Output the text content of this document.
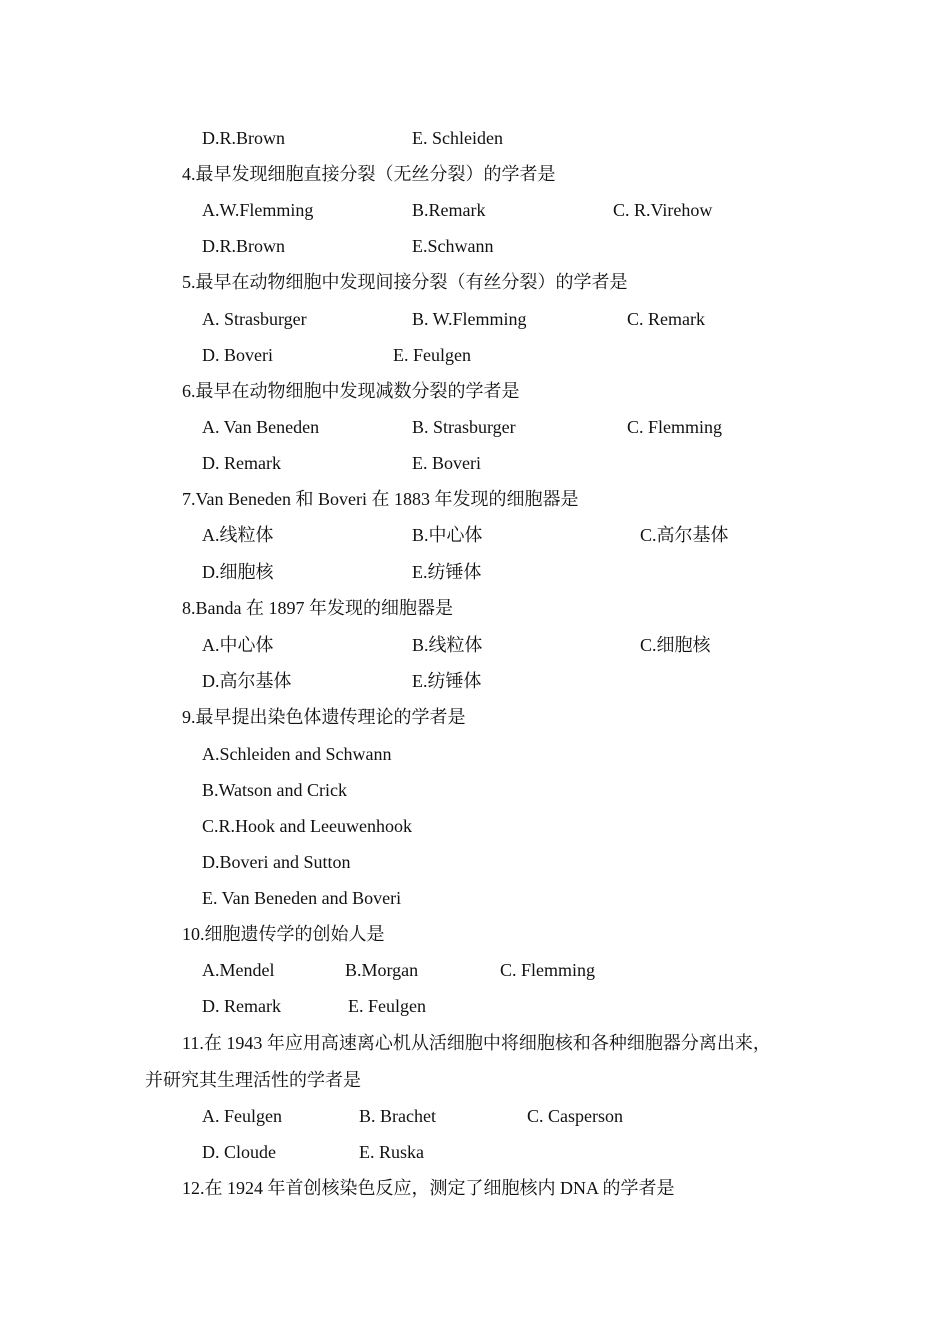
D.R.Brown	E. Schleiden
4.最早发现细胞直接分裂（无丝分裂）的学者是
A.W.Flemming	B.Remark	C. R.Virehow
D.R.Brown	E.Schwann
5.最早在动物细胞中发现间接分裂（有丝分裂）的学者是
A. Strasburger	B. W.Flemming	C. Remark
D. Boveri	E. Feulgen
6.最早在动物细胞中发现减数分裂的学者是
A. Van Beneden	B. Strasburger	C. Flemming
D. Remark	E. Boveri
7.Van Beneden 和 Boveri 在 1883 年发现的细胞器是
A.线粒体	B.中心体	C.高尔基体
D.细胞核	E.纺锤体
8.Banda 在 1897 年发现的细胞器是
A.中心体	B.线粒体	C.细胞核
D.高尔基体	E.纺锤体
9.最早提出染色体遗传理论的学者是
A.Schleiden and Schwann
B.Watson and Crick
C.R.Hook and Leeuwenhook
D.Boveri and Sutton
E. Van Beneden and Boveri
10.细胞遗传学的创始人是
A.Mendel	B.Morgan	C. Flemming
D. Remark	E. Feulgen
11.在 1943 年应用高速离心机从活细胞中将细胞核和各种细胞器分离出来，
并研究其生理活性的学者是
A. Feulgen	B. Brachet	C. Casperson
D. Cloude	E. Ruska
12.在 1924 年首创核染色反应，测定了细胞核内 DNA 的学者是
